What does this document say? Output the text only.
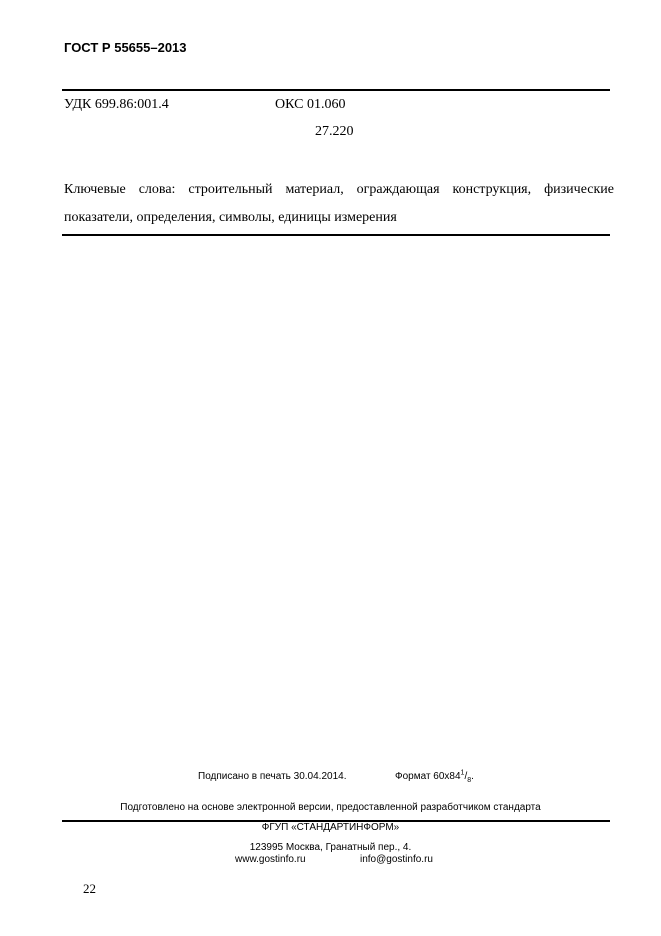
ГОСТ Р 55655–2013
УДК 699.86:001.4	ОКС 01.060
27.220
Ключевые слова: строительный материал, ограждающая конструкция, физические
показатели, определения, символы, единицы измерения
Подписано в печать 30.04.2014.	Формат $60х84^1/_8$.
Подготовлено на основе электронной версии, предоставленной разработчиком стандарта
ФГУП «СТАНДАРТИНФОРМ»
123995 Москва, Гранатный пер., 4.
www.gostinfo.ru	info@gostinfo.ru
22
